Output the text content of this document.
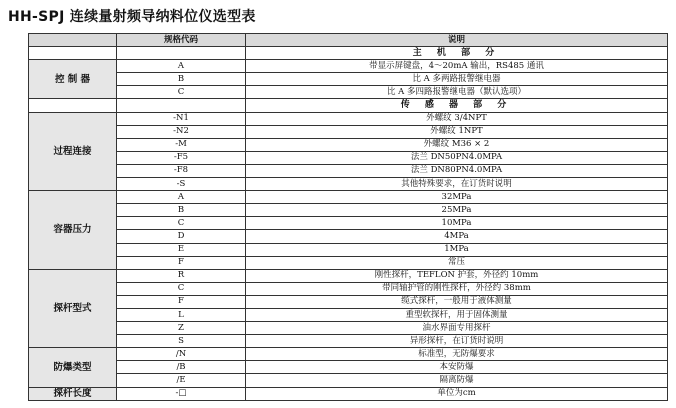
HH-SPJ 连续量射频导纳料位仪选型表
	规格代码	说明
		主 机 部 分
控 制 器	A	带显示屏键盘，4～20mA 输出，RS485 通讯
	B	比 A 多两路报警继电器
	C	比 A 多四路报警继电器（默认选项）
		传 感 器 部 分
过程连接	-N1	外螺纹 3/4NPT
	-N2	外螺纹 1NPT
	-M	外螺纹 M36 × 2
	-F5	法兰 DN50PN4.0MPA
	-F8	法兰 DN80PN4.0MPA
	-S	其他特殊要求，在订货时说明
容器压力	A	32MPa
	B	25MPa
	C	10MPa
	D	4MPa
	E	1MPa
	F	常压
探杆型式	R	刚性探杆，TEFLON 护套，外径约 10mm
	C	带同轴护管的刚性探杆，外径约 38mm
	F	缆式探杆，一般用于液体测量
	L	重型软探杆，用于固体测量
	Z	油水界面专用探杆
	S	异形探杆，在订货时说明
防爆类型	/N	标准型，无防爆要求
	/B	本安防爆
	/E	隔离防爆
探杆长度	-□	单位为cm
